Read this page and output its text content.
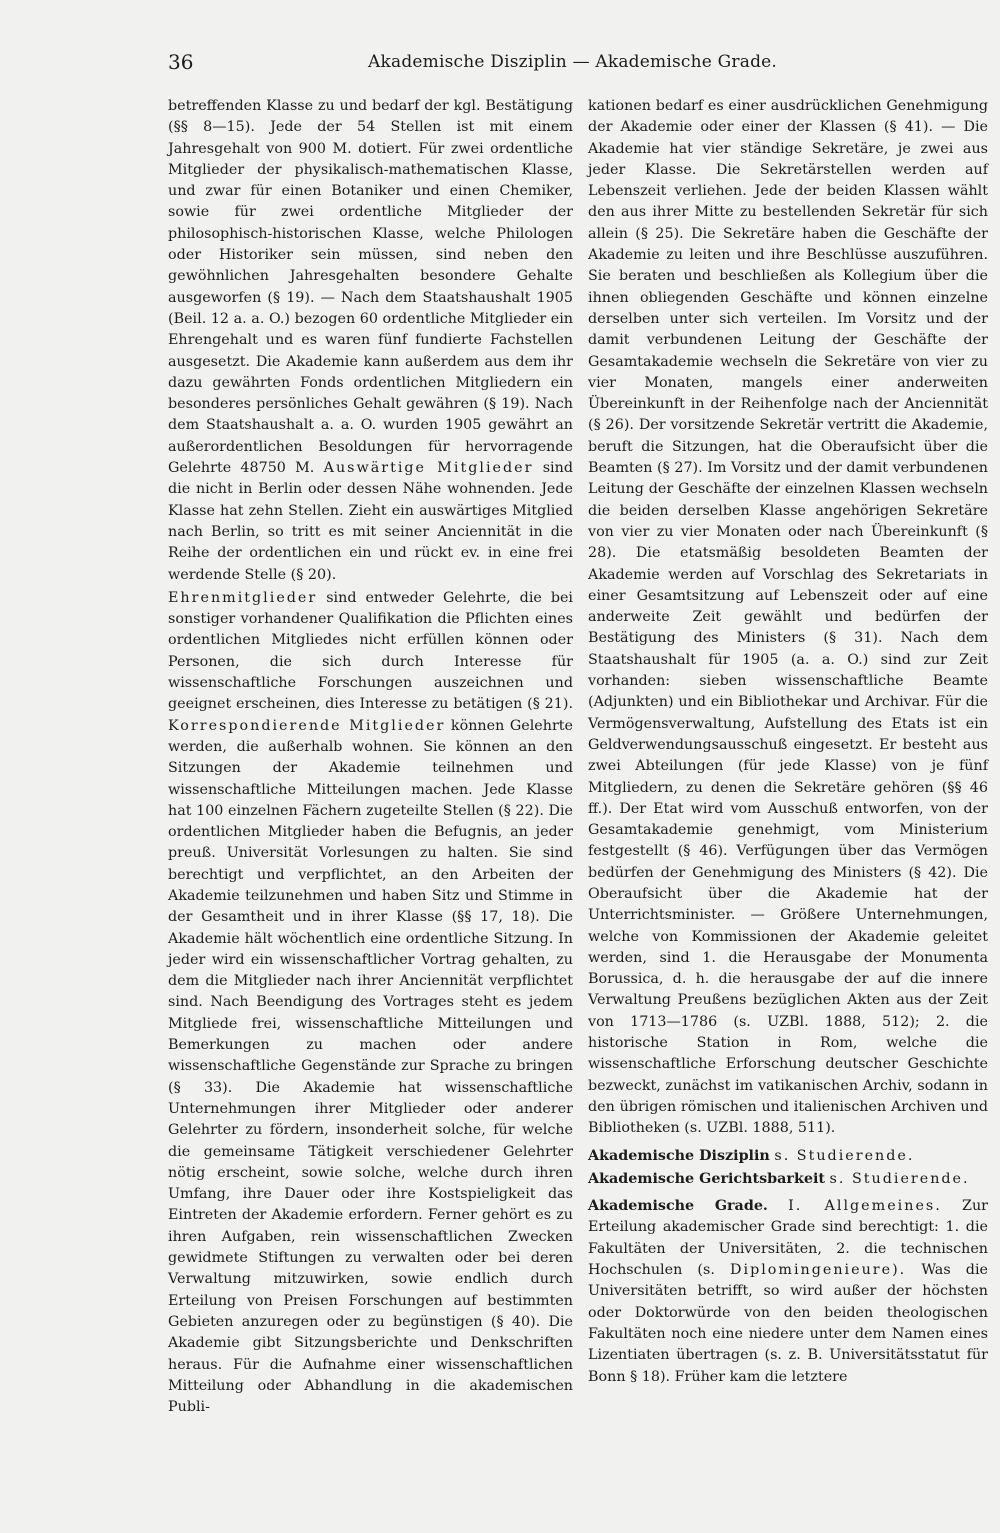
36	Akademische Disziplin — Akademische Grade.

betreffenden Klasse zu und bedarf der kgl. Bestätigung (§§ 8—15). Jede der 54 Stellen ist mit einem Jahresgehalt von 900 M. dotiert. Für zwei ordentliche Mitglieder der physikalisch-mathematischen Klasse, und zwar für einen Botaniker und einen Chemiker, sowie für zwei ordentliche Mitglieder der philosophisch-historischen Klasse, welche Philologen oder Historiker sein müssen, sind neben den gewöhnlichen Jahresgehalten besondere Gehalte ausgeworfen (§ 19). — Nach dem Staatshaushalt 1905 (Beil. 12 a. a. O.) bezogen 60 ordentliche Mitglieder ein Ehrengehalt und es waren fünf fundierte Fachstellen ausgesetzt. Die Akademie kann außerdem aus dem ihr dazu gewährten Fonds ordentlichen Mitgliedern ein besonderes persönliches Gehalt gewähren (§ 19). Nach dem Staatshaushalt a. a. O. wurden 1905 gewährt an außerordentlichen Besoldungen für hervorragende Gelehrte 48750 M. Auswärtige Mitglieder sind die nicht in Berlin oder dessen Nähe wohnenden. Jede Klasse hat zehn Stellen. Zieht ein auswärtiges Mitglied nach Berlin, so tritt es mit seiner Anciennität in die Reihe der ordentlichen ein und rückt ev. in eine frei werdende Stelle (§ 20).

Ehrenmitglieder sind entweder Gelehrte, die bei sonstiger vorhandener Qualifikation die Pflichten eines ordentlichen Mitgliedes nicht erfüllen können oder Personen, die sich durch Interesse für wissenschaftliche Forschungen auszeichnen und geeignet erscheinen, dies Interesse zu betätigen (§ 21). Korrespondierende Mitglieder können Gelehrte werden, die außerhalb wohnen. Sie können an den Sitzungen der Akademie teilnehmen und wissenschaftliche Mitteilungen machen. Jede Klasse hat 100 einzelnen Fächern zugeteilte Stellen (§ 22). Die ordentlichen Mitglieder haben die Befugnis, an jeder preuß. Universität Vorlesungen zu halten. Sie sind berechtigt und verpflichtet, an den Arbeiten der Akademie teilzunehmen und haben Sitz und Stimme in der Gesamtheit und in ihrer Klasse (§§ 17, 18). Die Akademie hält wöchentlich eine ordentliche Sitzung. In jeder wird ein wissenschaftlicher Vortrag gehalten, zu dem die Mitglieder nach ihrer Anciennität verpflichtet sind. Nach Beendigung des Vortrages steht es jedem Mitgliede frei, wissenschaftliche Mitteilungen und Bemerkungen zu machen oder andere wissenschaftliche Gegenstände zur Sprache zu bringen (§ 33). Die Akademie hat wissenschaftliche Unternehmungen ihrer Mitglieder oder anderer Gelehrter zu fördern, insonderheit solche, für welche die gemeinsame Tätigkeit verschiedener Gelehrter nötig erscheint, sowie solche, welche durch ihren Umfang, ihre Dauer oder ihre Kostspieligkeit das Eintreten der Akademie erfordern. Ferner gehört es zu ihren Aufgaben, rein wissenschaftlichen Zwecken gewidmete Stiftungen zu verwalten oder bei deren Verwaltung mitzuwirken, sowie endlich durch Erteilung von Preisen Forschungen auf bestimmten Gebieten anzuregen oder zu begünstigen (§ 40). Die Akademie gibt Sitzungsberichte und Denkschriften heraus. Für die Aufnahme einer wissenschaftlichen Mitteilung oder Abhandlung in die akademischen Publi-

kationen bedarf es einer ausdrücklichen Genehmigung der Akademie oder einer der Klassen (§ 41). — Die Akademie hat vier ständige Sekretäre, je zwei aus jeder Klasse. Die Sekretärstellen werden auf Lebenszeit verliehen. Jede der beiden Klassen wählt den aus ihrer Mitte zu bestellenden Sekretär für sich allein (§ 25). Die Sekretäre haben die Geschäfte der Akademie zu leiten und ihre Beschlüsse auszuführen. Sie beraten und beschließen als Kollegium über die ihnen obliegenden Geschäfte und können einzelne derselben unter sich verteilen. Im Vorsitz und der damit verbundenen Leitung der Geschäfte der Gesamtakademie wechseln die Sekretäre von vier zu vier Monaten, mangels einer anderweiten Übereinkunft in der Reihenfolge nach der Anciennität (§ 26). Der vorsitzende Sekretär vertritt die Akademie, beruft die Sitzungen, hat die Oberaufsicht über die Beamten (§ 27). Im Vorsitz und der damit verbundenen Leitung der Geschäfte der einzelnen Klassen wechseln die beiden derselben Klasse angehörigen Sekretäre von vier zu vier Monaten oder nach Übereinkunft (§ 28). Die etatsmäßig besoldeten Beamten der Akademie werden auf Vorschlag des Sekretariats in einer Gesamtsitzung auf Lebenszeit oder auf eine anderweite Zeit gewählt und bedürfen der Bestätigung des Ministers (§ 31). Nach dem Staatshaushalt für 1905 (a. a. O.) sind zur Zeit vorhanden: sieben wissenschaftliche Beamte (Adjunkten) und ein Bibliothekar und Archivar. Für die Vermögensverwaltung, Aufstellung des Etats ist ein Geldverwendungsausschuß eingesetzt. Er besteht aus zwei Abteilungen (für jede Klasse) von je fünf Mitgliedern, zu denen die Sekretäre gehören (§§ 46 ff.). Der Etat wird vom Ausschuß entworfen, von der Gesamtakademie genehmigt, vom Ministerium festgestellt (§ 46). Verfügungen über das Vermögen bedürfen der Genehmigung des Ministers (§ 42). Die Oberaufsicht über die Akademie hat der Unterrichtsminister. — Größere Unternehmungen, welche von Kommissionen der Akademie geleitet werden, sind 1. die Herausgabe der Monumenta Borussica, d. h. die herausgabe der auf die innere Verwaltung Preußens bezüglichen Akten aus der Zeit von 1713—1786 (s. UZBl. 1888, 512); 2. die historische Station in Rom, welche die wissenschaftliche Erforschung deutscher Geschichte bezweckt, zunächst im vatikanischen Archiv, sodann in den übrigen römischen und italienischen Archiven und Bibliotheken (s. UZBl. 1888, 511).

Akademische Disziplin s. Studierende.

Akademische Gerichtsbarkeit s. Studierende.

Akademische Grade. I. Allgemeines. Zur Erteilung akademischer Grade sind berechtigt: 1. die Fakultäten der Universitäten, 2. die technischen Hochschulen (s. Diplomingenieure). Was die Universitäten betrifft, so wird außer der höchsten oder Doktorwürde von den beiden theologischen Fakultäten noch eine niedere unter dem Namen eines Lizentiaten übertragen (s. z. B. Universitätsstatut für Bonn § 18). Früher kam die letztere
